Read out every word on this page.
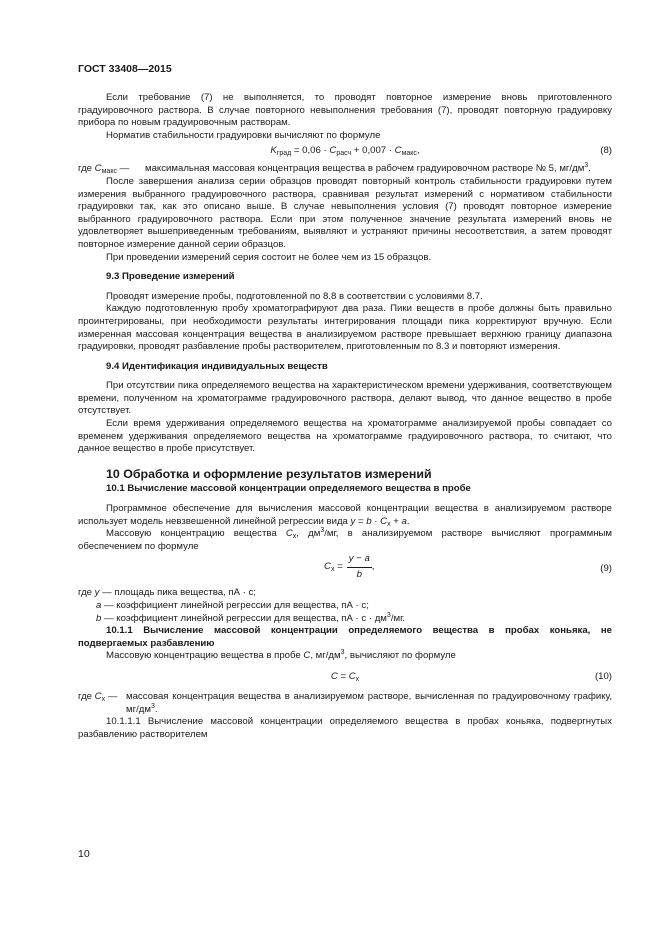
ГОСТ 33408—2015

Если требование (7) не выполняется, то проводят повторное измерение вновь приготовленного градуировочного раствора. В случае повторного невыполнения требования (7), проводят повторную градуировку прибора по новым градуировочным растворам.

Норматив стабильности градуировки вычисляют по формуле

$K_{град} = 0,06 \cdot C_{расч} + 0,007 \cdot C_{макс}$,	(8)
где $C_{макс}$ — максимальная массовая концентрация вещества в рабочем градуировочном растворе № 5, $мг/дм^3$.

После завершения анализа серии образцов проводят повторный контроль стабильности градуировки путем измерения выбранного градуировочного раствора, сравнивая результат измерений с нормативом стабильности градуировки так, как это описано выше. В случае невыполнения условия (7) проводят повторное измерение выбранного градуировочного раствора. Если при этом полученное значение результата измерений вновь не удовлетворяет вышеприведенным требованиям, выявляют и устраняют причины несоответствия, а затем проводят повторное измерение данной серии образцов.

При проведении измерений серия состоит не более чем из 15 образцов.

9.3 Проведение измерений

Проводят измерение пробы, подготовленной по 8.8 в соответствии с условиями 8.7.

Каждую подготовленную пробу хроматографируют два раза. Пики веществ в пробе должны быть правильно проинтегрированы, при необходимости результаты интегрирования площади пика корректируют вручную. Если измеренная массовая концентрация вещества в анализируемом растворе превышает верхнюю границу диапазона градуировки, проводят разбавление пробы растворителем, приготовленным по 8.3 и повторяют измерения.

9.4 Идентификация индивидуальных веществ

При отсутствии пика определяемого вещества на характеристическом времени удерживания, соответствующем времени, полученном на хроматограмме градуировочного раствора, делают вывод, что данное вещество в пробе отсутствует.

Если время удерживания определяемого вещества на хроматограмме анализируемой пробы совпадает со временем удерживания определяемого вещества на хроматограмме градуировочного раствора, то считают, что данное вещество в пробе присутствует.

10 Обработка и оформление результатов измерений

10.1 Вычисление массовой концентрации определяемого вещества в пробе

Программное обеспечение для вычисления массовой концентрации вещества в анализируемом растворе использует модель невзвешенной линейной регрессии вида $y = b \cdot C_x + a$.

Массовую концентрацию вещества $C_x$, $дм^3/мг$, в анализируемом растворе вычисляют программным обеспечением по формуле

$C_x = \frac{y - a}{b}$ ,	(9)
где y — площадь пика вещества, пА · с;
a — коэффициент линейной регрессии для вещества, пА · с;
b — коэффициент линейной регрессии для вещества, пА · $с \cdot дм^3/мг$.

10.1.1 Вычисление массовой концентрации определяемого вещества в пробах коньяка, не подвергаемых разбавлению

Массовую концентрацию вещества в пробе C, $мг/дм^3$, вычисляют по формуле

$C = C_x$	(10)
где $C_x$ — массовая концентрация вещества в анализируемом растворе, вычисленная по градуировочному графику, $мг/дм^3$.

10.1.1.1 Вычисление массовой концентрации определяемого вещества в пробах коньяка, подвергнутых разбавлению растворителем

10
